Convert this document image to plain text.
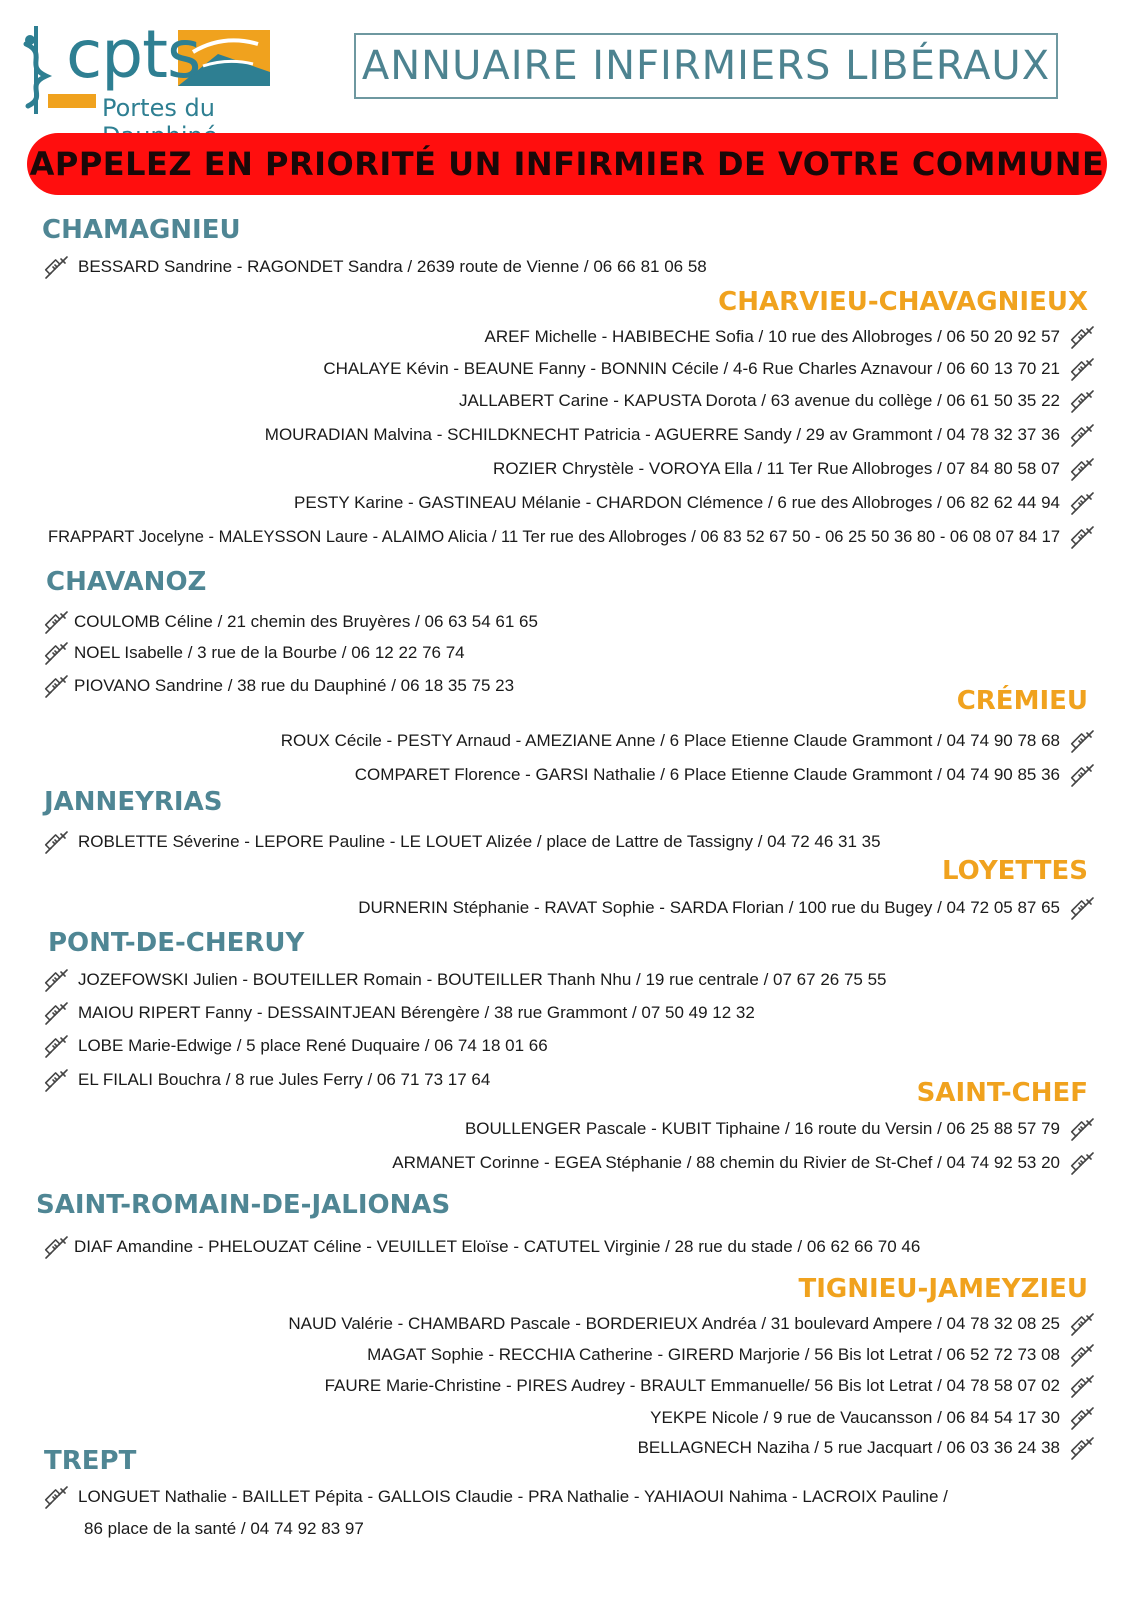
cpts
Portes du
ANNUAIRE INFIRMIERS LIBÉRAUX
APPELEZ EN PRIORITÉ UN INFIRMIER DE VOTRE COMMUNE
CHAMAGNIEU
BESSARD Sandrine - RAGONDET Sandra / 2639 route de Vienne / 06 66 81 06 58
CHARVIEU-CHAVAGNIEUX
AREF Michelle - HABIBECHE Sofia / 10 rue des Allobroges / 06 50 20 92 57
CHALAYE Kévin - BEAUNE Fanny - BONNIN Cécile / 4-6 Rue Charles Aznavour / 06 60 13 70 21
JALLABERT Carine - KAPUSTA Dorota / 63 avenue du collège / 06 61 50 35 22
MOURADIAN Malvina - SCHILDKNECHT Patricia - AGUERRE Sandy / 29 av Grammont / 04 78 32 37 36
ROZIER Chrystèle - VOROYA Ella / 11 Ter Rue Allobroges / 07 84 80 58 07
PESTY Karine - GASTINEAU Mélanie - CHARDON Clémence / 6 rue des Allobroges / 06 82 62 44 94
FRAPPART Jocelyne - MALEYSSON Laure - ALAIMO Alicia / 11 Ter rue des Allobroges / 06 83 52 67 50 - 06 25 50 36 80 - 06 08 07 84 17
CHAVANOZ
COULOMB Céline / 21 chemin des Bruyères / 06 63 54 61 65
NOEL Isabelle / 3 rue de la Bourbe / 06 12 22 76 74
PIOVANO Sandrine / 38 rue du Dauphiné / 06 18 35 75 23
CRÉMIEU
ROUX Cécile - PESTY Arnaud - AMEZIANE Anne / 6 Place Etienne Claude Grammont / 04 74 90 78 68
COMPARET Florence - GARSI Nathalie / 6 Place Etienne Claude Grammont / 04 74 90 85 36
JANNEYRIAS
ROBLETTE Séverine - LEPORE Pauline - LE LOUET Alizée / place de Lattre de Tassigny / 04 72 46 31 35
LOYETTES
DURNERIN Stéphanie - RAVAT Sophie - SARDA Florian / 100 rue du Bugey / 04 72 05 87 65
PONT-DE-CHERUY
JOZEFOWSKI Julien - BOUTEILLER Romain - BOUTEILLER Thanh Nhu / 19 rue centrale / 07 67 26 75 55
MAIOU RIPERT Fanny - DESSAINTJEAN Bérengère / 38 rue Grammont / 07 50 49 12 32
LOBE Marie-Edwige / 5 place René Duquaire / 06 74 18 01 66
EL FILALI Bouchra / 8 rue Jules Ferry / 06 71 73 17 64	SAINT-CHEF
BOULLENGER Pascale - KUBIT Tiphaine / 16 route du Versin / 06 25 88 57 79
ARMANET Corinne - EGEA Stéphanie / 88 chemin du Rivier de St-Chef / 04 74 92 53 20
SAINT-ROMAIN-DE-JALIONAS
DIAF Amandine - PHELOUZAT Céline - VEUILLET Eloïse - CATUTEL Virginie / 28 rue du stade / 06 62 66 70 46
TIGNIEU-JAMEYZIEU
NAUD Valérie - CHAMBARD Pascale - BORDERIEUX Andréa / 31 boulevard Ampere / 04 78 32 08 25
MAGAT Sophie - RECCHIA Catherine - GIRERD Marjorie / 56 Bis lot Letrat / 06 52 72 73 08
FAURE Marie-Christine - PIRES Audrey - BRAULT Emmanuelle/ 56 Bis lot Letrat / 04 78 58 07 02
YEKPE Nicole / 9 rue de Vaucansson / 06 84 54 17 30
BELLAGNECH Naziha / 5 rue Jacquart / 06 03 36 24 38
TREPT
LONGUET Nathalie - BAILLET Pépita - GALLOIS Claudie - PRA Nathalie - YAHIAOUI Nahima - LACROIX Pauline /
86 place de la santé / 04 74 92 83 97
